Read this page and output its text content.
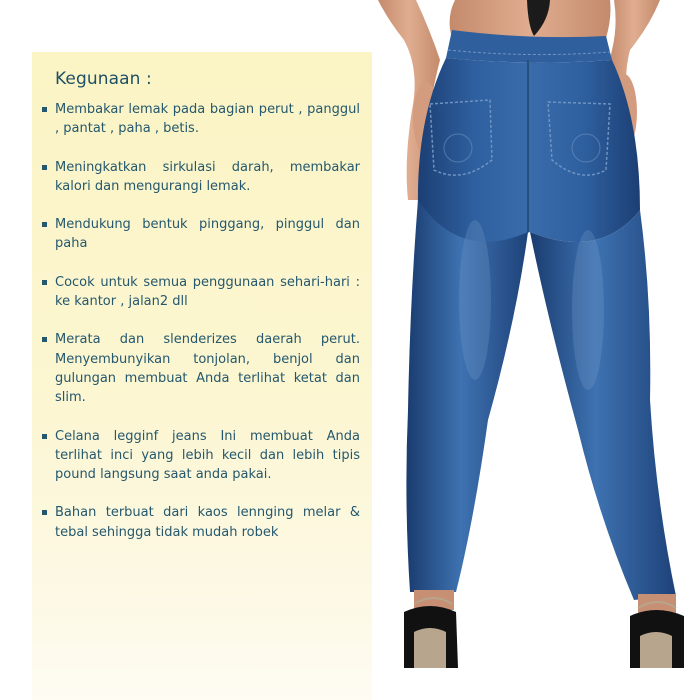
Kegunaan :
Membakar lemak pada bagian perut , panggul , pantat , paha , betis.
Meningkatkan sirkulasi darah, membakar kalori dan mengurangi lemak.
Mendukung bentuk pinggang, pinggul dan paha
Cocok untuk semua penggunaan sehari-hari : ke kantor , jalan2 dll
Merata dan slenderizes daerah perut. Menyembunyikan tonjolan, benjol dan gulungan membuat Anda terlihat ketat dan slim.
Celana legginf jeans Ini membuat Anda terlihat inci yang lebih kecil dan lebih tipis pound langsung saat anda pakai.
Bahan terbuat dari kaos lennging melar & tebal sehingga tidak mudah robek
